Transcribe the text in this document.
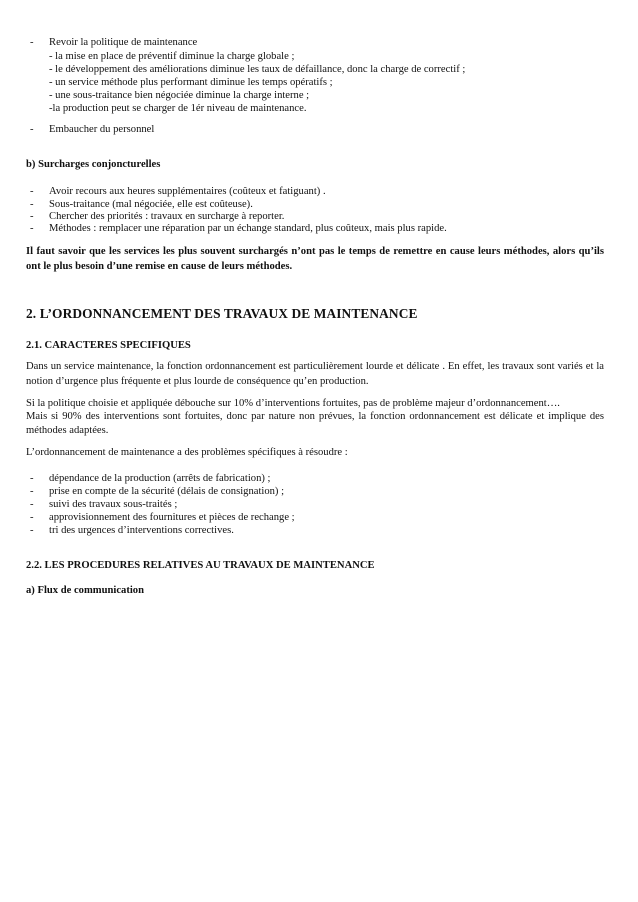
-	Revoir la politique de maintenance
- la mise en place de préventif diminue la charge globale ;
- le développement des améliorations diminue les taux de défaillance, donc la charge de correctif ;
- un service méthode plus performant diminue les temps opératifs ;
- une sous-traitance bien négociée diminue la charge interne ;
-la production peut se charger de 1ér niveau de maintenance.
-	Embaucher du personnel
b) Surcharges conjoncturelles
-	Avoir recours aux heures supplémentaires (coûteux et fatiguant) .
-	Sous-traitance (mal négociée, elle est coûteuse).
-	Chercher des priorités : travaux en surcharge à reporter.
-	Méthodes : remplacer une réparation par un échange standard, plus coûteux, mais plus rapide.
Il faut savoir que les services les plus souvent surchargés n’ont pas le temps de remettre en cause leurs méthodes, alors qu’ils ont le plus besoin d’une remise en cause de leurs méthodes.
2. L’ORDONNANCEMENT DES TRAVAUX DE MAINTENANCE
2.1. CARACTERES SPECIFIQUES
Dans un service maintenance, la fonction ordonnancement est particulièrement lourde et délicate . En effet, les travaux sont variés et la notion d’urgence plus fréquente et plus lourde de conséquence qu’en production.
Si la politique choisie et appliquée débouche sur 10% d’interventions fortuites, pas de problème majeur d’ordonnancement….
Mais si 90% des interventions sont fortuites, donc par nature non prévues, la fonction ordonnancement est délicate et implique des méthodes adaptées.
L’ordonnancement de maintenance a des problèmes spécifiques à résoudre :
-	dépendance de la production (arrêts de fabrication) ;
-	prise en compte de la sécurité (délais de consignation) ;
-	suivi des travaux sous-traités ;
-	approvisionnement des fournitures et pièces de rechange ;
-	tri des urgences d’interventions correctives.
2.2. LES PROCEDURES RELATIVES AU TRAVAUX DE MAINTENANCE
a) Flux de communication
